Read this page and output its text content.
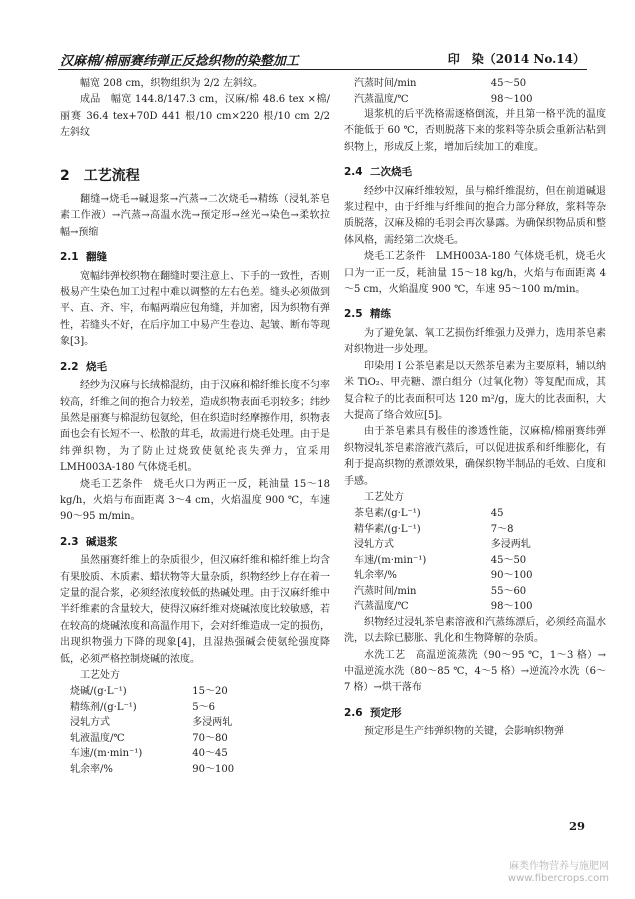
汉麻棉/棉丽赛纬弹正反捻织物的染整加工	印　染（2014 No.14）

幅宽 208 cm，织物组织为 2/2 左斜纹。

成品　幅宽 144.8/147.3 cm，汉麻/棉 48.6 tex ×棉/丽赛 36.4 tex+70D 441 根/10 cm×220 根/10 cm 2/2 左斜纹

2　工艺流程

翻缝→烧毛→碱退浆→汽蒸→二次烧毛→精练（浸轧茶皂素工作液）→汽蒸→高温水洗→预定形→丝光→染色→柔软拉幅→预缩

2.1 翻缝

宽幅纬弹校织物在翻缝时要注意上、下手的一致性，否则极易产生染色加工过程中难以调整的左右色差。缝头必须做到平、直、齐、牢，布幅两端应包角缝，并加密，因为织物有弹性，若缝头不好，在后序加工中易产生卷边、起皱、断布等现象[3]。

2.2 烧毛

经纱为汉麻与长绒棉混纺，由于汉麻和棉纤维长度不匀率较高，纤维之间的抱合力较差，造成织物表面毛羽较多；纬纱虽然是丽赛与棉混纺包氨纶，但在织造时经摩擦作用，织物表面也会有长短不一、松散的茸毛，故需进行烧毛处理。由于是纬弹织物，为了防止过烧致使氨纶丧失弹力，宜采用 LMH003A-180 气体烧毛机。

烧毛工艺条件　烧毛火口为两正一反，耗油量 15～18 kg/h，火焰与布面距离 3～4 cm，火焰温度 900 ℃，车速 90～95 m/min。

2.3 碱退浆

虽然丽赛纤维上的杂质很少，但汉麻纤维和棉纤维上均含有果胶质、木质素、蜡状物等大量杂质，织物经纱上存在着一定量的混合浆，必须经浓度较低的热碱处理。由于汉麻纤维中半纤维素的含量较大，使得汉麻纤维对烧碱浓度比较敏感，若在较高的烧碱浓度和高温作用下，会对纤维造成一定的损伤，出现织物强力下降的现象[4]，且湿热强碱会使氨纶强度降低，必须严格控制烧碱的浓度。

工艺处方

烧碱/(g·L⁻¹)	15～20
精练剂/(g·L⁻¹)	5～6
浸轧方式	多浸两轧
轧液温度/℃	70～80
车速/(m·min⁻¹)	40～45
轧余率/%	90～100
汽蒸时间/min	45～50
汽蒸温度/℃	98～100

退浆机的后平洗格需逐格倒流，并且第一格平洗的温度不能低于 60 ℃，否则脱落下来的浆料等杂质会重新沾粘到织物上，形成反上浆，增加后续加工的难度。

2.4 二次烧毛

经纱中汉麻纤维较短，虽与棉纤维混纺，但在前道碱退浆过程中，由于纤维与纤维间的抱合力部分释放，浆料等杂质脱落，汉麻及棉的毛羽会再次暴露。为确保织物品质和整体风格，需经第二次烧毛。

烧毛工艺条件　LMH003A-180 气体烧毛机，烧毛火口为一正一反，耗油量 15～18 kg/h，火焰与布面距离 4～5 cm，火焰温度 900 ℃，车速 95～100 m/min。

2.5 精练

为了避免氯、氧工艺损伤纤维强力及弹力，选用茶皂素对织物进一步处理。

印染用 I 公茶皂素是以天然茶皂素为主要原料，辅以纳米 TiO₂、甲壳糖、漂白组分（过氧化物）等复配而成，其复合粒子的比表面积可达 120 m²/g，庞大的比表面积，大大提高了络合效应[5]。

由于茶皂素具有极佳的渗透性能，汉麻棉/棉丽赛纬弹织物浸轧茶皂素溶液汽蒸后，可以促进拔系和纤维膨化，有利于提高织物的煮漂效果，确保织物半制品的毛效、白度和手感。

工艺处方

茶皂素/(g·L⁻¹)	45
精华素/(g·L⁻¹)	7～8
浸轧方式	多浸两轧
车速/(m·min⁻¹)	45～50
轧余率/%	90～100
汽蒸时间/min	55～60
汽蒸温度/℃	98～100

织物经过浸轧茶皂素溶液和汽蒸练漂后，必须经高温水洗，以去除已膨胀、乳化和生物降解的杂质。

水洗工艺　高温逆流蒸洗（90～95 ℃，1～3 格）→中温逆流水洗（80～85 ℃，4～5 格）→逆流冷水洗（6～7 格）→烘干落布

2.6 预定形

预定形是生产纬弹织物的关键，会影响织物弹

29
麻类作物营养与施肥网
www.fibercrops.com
